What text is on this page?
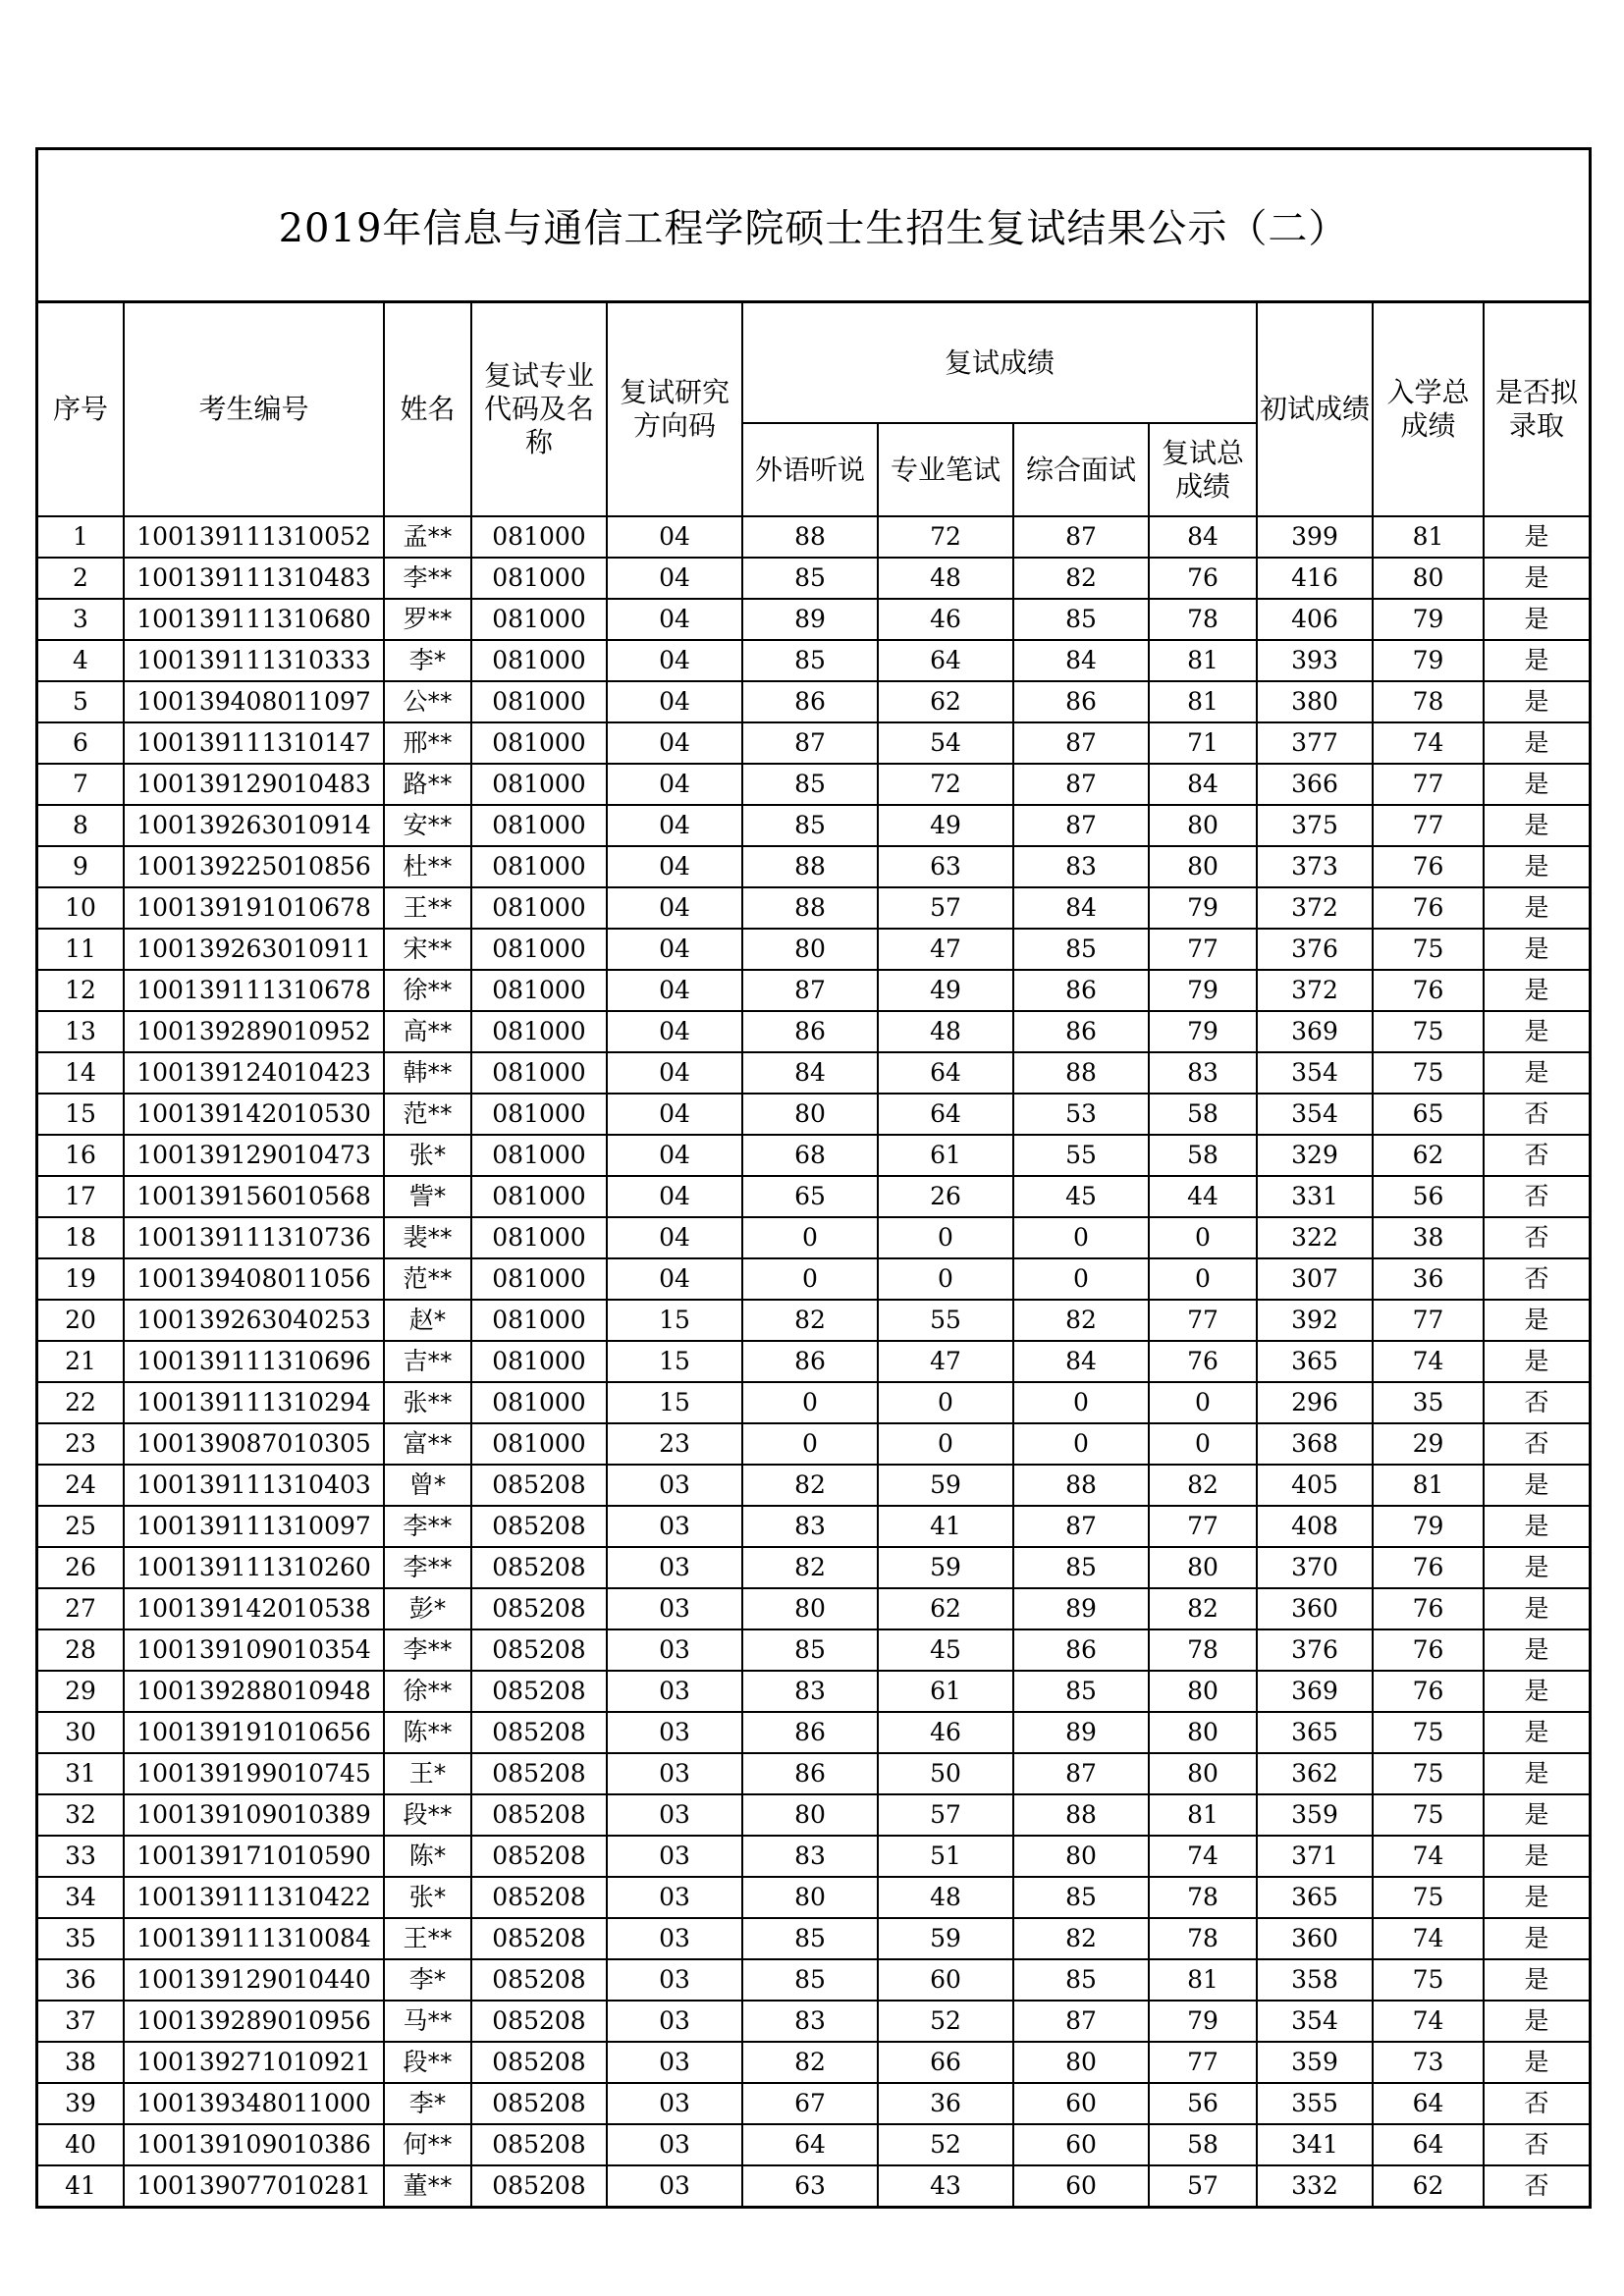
2019年信息与通信工程学院硕士生招生复试结果公示（二）
序号	考生编号	姓名	复试专业代码及名称	复试研究方向码	复试成绩				初试成绩	入学总成绩	是否拟录取
					外语听说	专业笔试	综合面试	复试总成绩			
1	100139111310052	孟**	081000	04	88	72	87	84	399	81	是
2	100139111310483	李**	081000	04	85	48	82	76	416	80	是
3	100139111310680	罗**	081000	04	89	46	85	78	406	79	是
4	100139111310333	李*	081000	04	85	64	84	81	393	79	是
5	100139408011097	公**	081000	04	86	62	86	81	380	78	是
6	100139111310147	邢**	081000	04	87	54	87	71	377	74	是
7	100139129010483	路**	081000	04	85	72	87	84	366	77	是
8	100139263010914	安**	081000	04	85	49	87	80	375	77	是
9	100139225010856	杜**	081000	04	88	63	83	80	373	76	是
10	100139191010678	王**	081000	04	88	57	84	79	372	76	是
11	100139263010911	宋**	081000	04	80	47	85	77	376	75	是
12	100139111310678	徐**	081000	04	87	49	86	79	372	76	是
13	100139289010952	高**	081000	04	86	48	86	79	369	75	是
14	100139124010423	韩**	081000	04	84	64	88	83	354	75	是
15	100139142010530	范**	081000	04	80	64	53	58	354	65	否
16	100139129010473	张*	081000	04	68	61	55	58	329	62	否
17	100139156010568	訾*	081000	04	65	26	45	44	331	56	否
18	100139111310736	裴**	081000	04	0	0	0	0	322	38	否
19	100139408011056	范**	081000	04	0	0	0	0	307	36	否
20	100139263040253	赵*	081000	15	82	55	82	77	392	77	是
21	100139111310696	吉**	081000	15	86	47	84	76	365	74	是
22	100139111310294	张**	081000	15	0	0	0	0	296	35	否
23	100139087010305	富**	081000	23	0	0	0	0	368	29	否
24	100139111310403	曾*	085208	03	82	59	88	82	405	81	是
25	100139111310097	李**	085208	03	83	41	87	77	408	79	是
26	100139111310260	李**	085208	03	82	59	85	80	370	76	是
27	100139142010538	彭*	085208	03	80	62	89	82	360	76	是
28	100139109010354	李**	085208	03	85	45	86	78	376	76	是
29	100139288010948	徐**	085208	03	83	61	85	80	369	76	是
30	100139191010656	陈**	085208	03	86	46	89	80	365	75	是
31	100139199010745	王*	085208	03	86	50	87	80	362	75	是
32	100139109010389	段**	085208	03	80	57	88	81	359	75	是
33	100139171010590	陈*	085208	03	83	51	80	74	371	74	是
34	100139111310422	张*	085208	03	80	48	85	78	365	75	是
35	100139111310084	王**	085208	03	85	59	82	78	360	74	是
36	100139129010440	李*	085208	03	85	60	85	81	358	75	是
37	100139289010956	马**	085208	03	83	52	87	79	354	74	是
38	100139271010921	段**	085208	03	82	66	80	77	359	73	是
39	100139348011000	李*	085208	03	67	36	60	56	355	64	否
40	100139109010386	何**	085208	03	64	52	60	58	341	64	否
41	100139077010281	董**	085208	03	63	43	60	57	332	62	否
